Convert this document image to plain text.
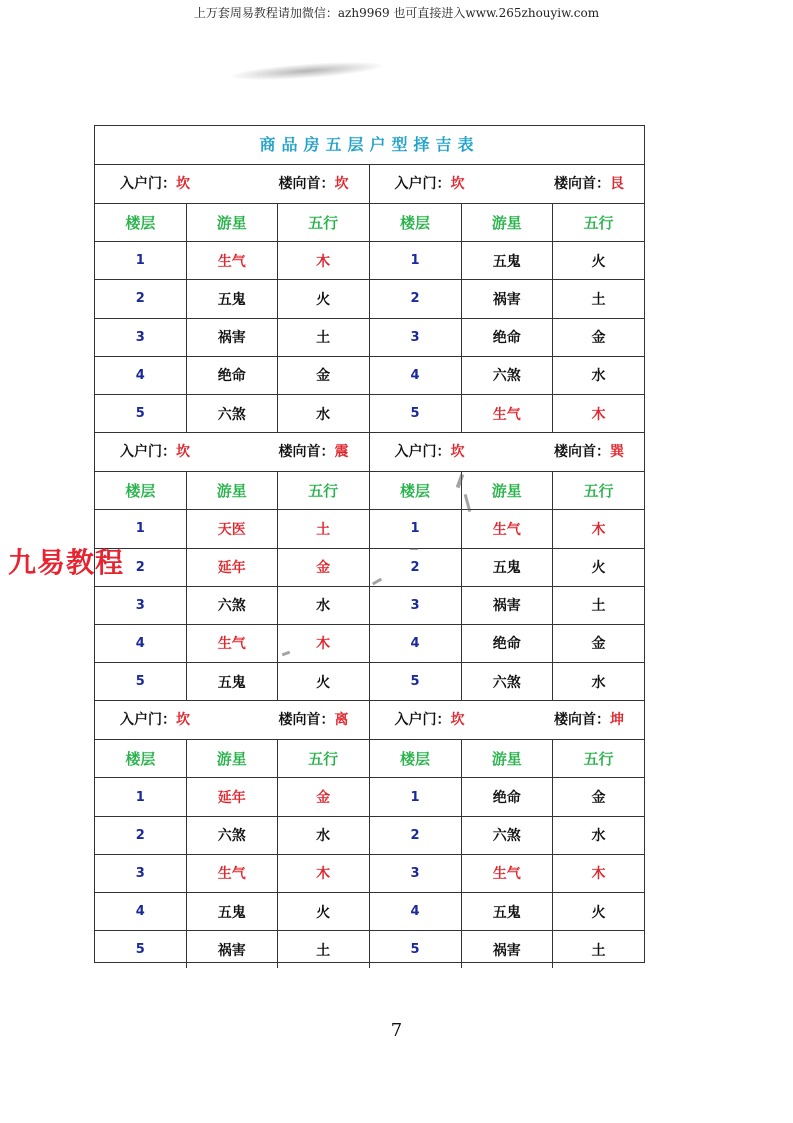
上万套周易教程请加微信：azh9969 也可直接进入www.265zhouyiw.com
商品房五层户型择吉表
入户门：坎	楼向首：坎
楼层	游星	五行
1	生气	木
2	五鬼	火
3	祸害	土
4	绝命	金
5	六煞	水
入户门：坎	楼向首：艮
楼层	游星	五行
1	五鬼	火
2	祸害	土
3	绝命	金
4	六煞	水
5	生气	木
入户门：坎	楼向首：震
楼层	游星	五行
1	天医	土
2	延年	金
3	六煞	水
4	生气	木
5	五鬼	火
入户门：坎	楼向首：巽
楼层	游星	五行
1	生气	木
2	五鬼	火
3	祸害	土
4	绝命	金
5	六煞	水
入户门：坎	楼向首：离
楼层	游星	五行
1	延年	金
2	六煞	水
3	生气	木
4	五鬼	火
5	祸害	土
入户门：坎	楼向首：坤
楼层	游星	五行
1	绝命	金
2	六煞	水
3	生气	木
4	五鬼	火
5	祸害	土
九易教程
7
